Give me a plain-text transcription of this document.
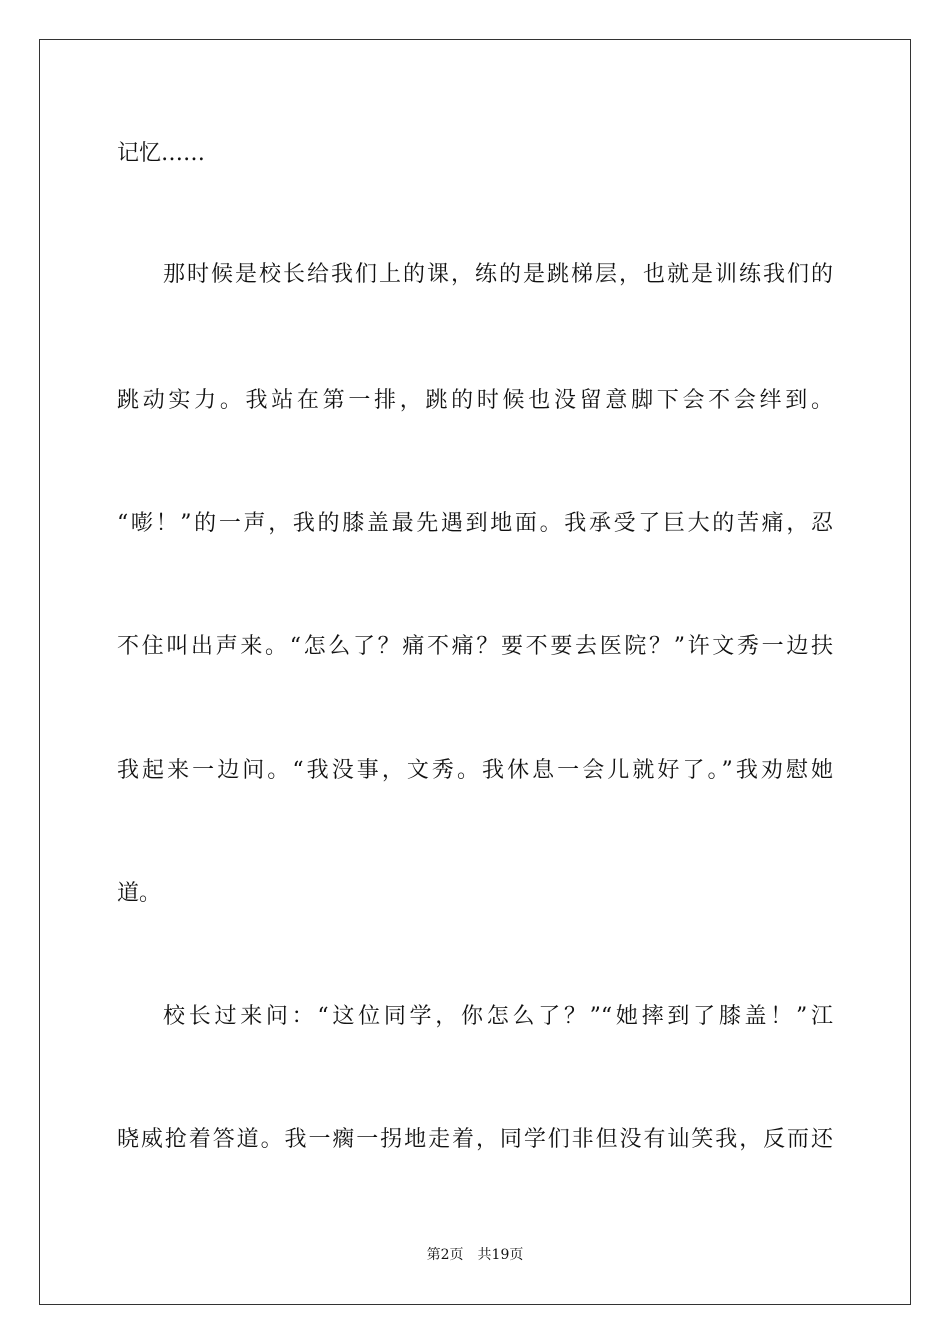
记忆……
那时候是校长给我们上的课，练的是跳梯层，也就是训练我们的
跳动实力。我站在第一排，跳的时候也没留意脚下会不会绊到。
“嘭！”的一声，我的膝盖最先遇到地面。我承受了巨大的苦痛，忍
不住叫出声来。“怎么了？痛不痛？要不要去医院？”许文秀一边扶
我起来一边问。“我没事，文秀。我休息一会儿就好了。”我劝慰她
道。
校长过来问：“这位同学，你怎么了？”“她摔到了膝盖！”江
晓威抢着答道。我一瘸一拐地走着，同学们非但没有讪笑我，反而还
第2页 共19页
